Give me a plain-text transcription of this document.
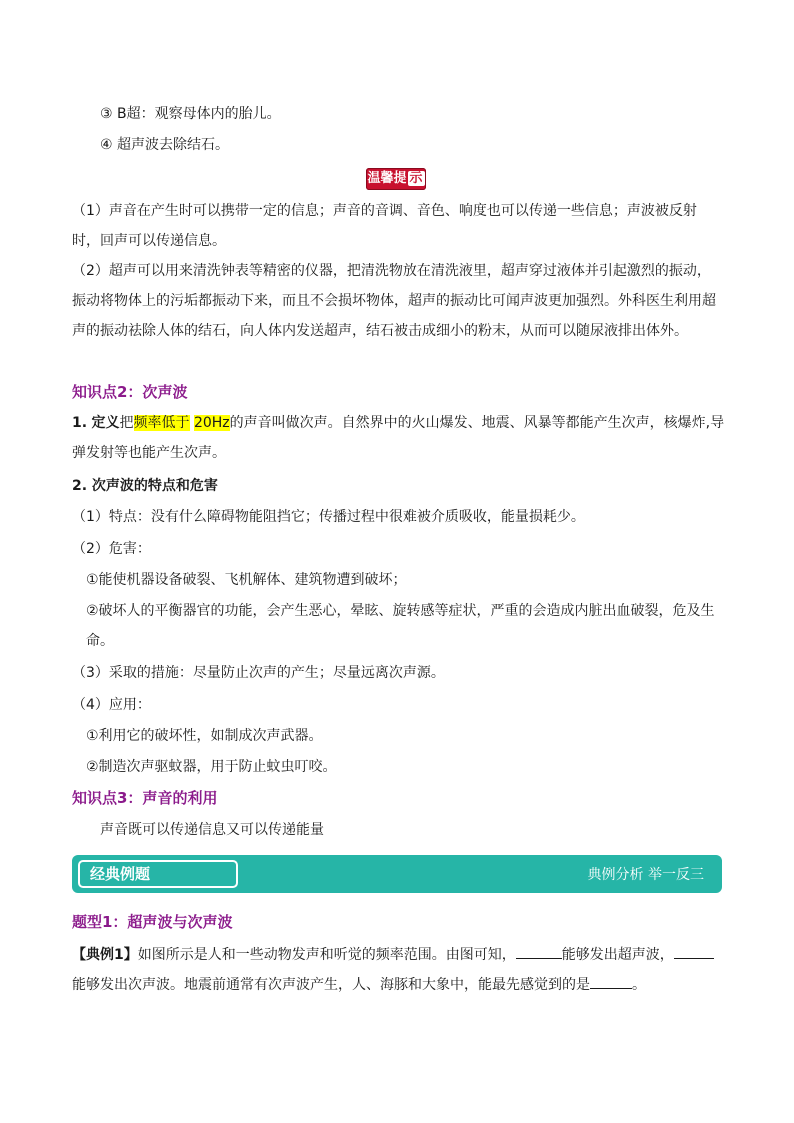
③ B超：观察母体内的胎儿。
④ 超声波去除结石。
温馨提 示
（1）声音在产生时可以携带一定的信息；声音的音调、音色、响度也可以传递一些信息；声波被反射时，回声可以传递信息。
（2）超声可以用来清洗钟表等精密的仪器，把清洗物放在清洗液里，超声穿过液体并引起激烈的振动，振动将物体上的污垢都振动下来，而且不会损坏物体，超声的振动比可闻声波更加强烈。外科医生利用超声的振动祛除人体的结石，向人体内发送超声，结石被击成细小的粉末，从而可以随尿液排出体外。
知识点2：次声波
1. 定义把频率低于 20Hz的声音叫做次声。自然界中的火山爆发、地震、风暴等都能产生次声，核爆炸,导
弹发射等也能产生次声。
2. 次声波的特点和危害
（1）特点：没有什么障碍物能阻挡它；传播过程中很难被介质吸收，能量损耗少。
（2）危害：
①能使机器设备破裂、飞机解体、建筑物遭到破坏；
②破坏人的平衡器官的功能，会产生恶心，晕眩、旋转感等症状，严重的会造成内脏出血破裂，危及生
命。
（3）采取的措施：尽量防止次声的产生；尽量远离次声源。
（4）应用：
①利用它的破坏性，如制成次声武器。
②制造次声驱蚊器，用于防止蚊虫叮咬。
知识点3：声音的利用
声音既可以传递信息又可以传递能量
经典例题	典例分析 举一反三
题型1：超声波与次声波
【典例1】如图所示是人和一些动物发声和听觉的频率范围。由图可知，	能够发出超声波，
能够发出次声波。地震前通常有次声波产生，人、海豚和大象中，能最先感觉到的是	。
